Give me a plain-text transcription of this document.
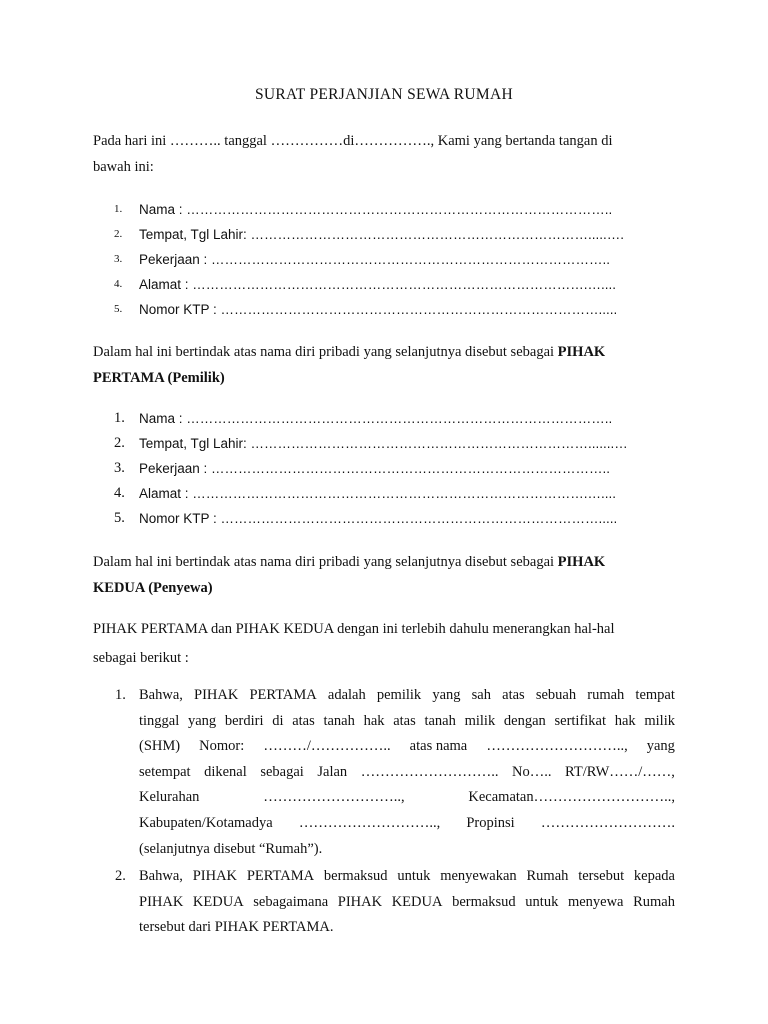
SURAT PERJANJIAN SEWA RUMAH
Pada hari ini ……….. tanggal ……………di……………., Kami yang bertanda tangan di
bawah ini:
1. Nama : …………………………………………………………………………………..
2. Tempat, Tgl Lahir: ………………………………………………………………….....….
3. Pekerjaan : ……………………………………………………………………………..
4. Alamat : …………………………………………………………………………….…....
5. Nomor KTP : ………………………………………………………………………….....
Dalam hal ini bertindak atas nama diri pribadi yang selanjutnya disebut sebagai PIHAK
PERTAMA (Pemilik)
1. Nama : …………………………………………………………………………………..
2. Tempat, Tgl Lahir: ………………………………………………………………….......…
3. Pekerjaan : ……………………………………………………………………………..
4. Alamat : …………………………………………………………………………….…....
5. Nomor KTP : ………………………………………………………………………….....
Dalam hal ini bertindak atas nama diri pribadi yang selanjutnya disebut sebagai PIHAK
KEDUA (Penyewa)
PIHAK PERTAMA dan PIHAK KEDUA dengan ini terlebih dahulu menerangkan hal-hal
sebagai berikut :
1. Bahwa, PIHAK PERTAMA adalah pemilik yang sah atas sebuah rumah tempat
tinggal yang berdiri di atas tanah hak atas tanah milik dengan sertifikat hak milik
(SHM) Nomor: ………/…………….. atas nama ……………………….., yang
setempat dikenal sebagai Jalan ……………………….. No….. RT/RW……/……,
Kelurahan	………………………..,	Kecamatan………………………..,
Kabupaten/Kotamadya ……………………….., Propinsi ……………………….
(selanjutnya disebut “Rumah”).
2. Bahwa, PIHAK PERTAMA bermaksud untuk menyewakan Rumah tersebut kepada
PIHAK KEDUA sebagaimana PIHAK KEDUA bermaksud untuk menyewa Rumah
tersebut dari PIHAK PERTAMA.
